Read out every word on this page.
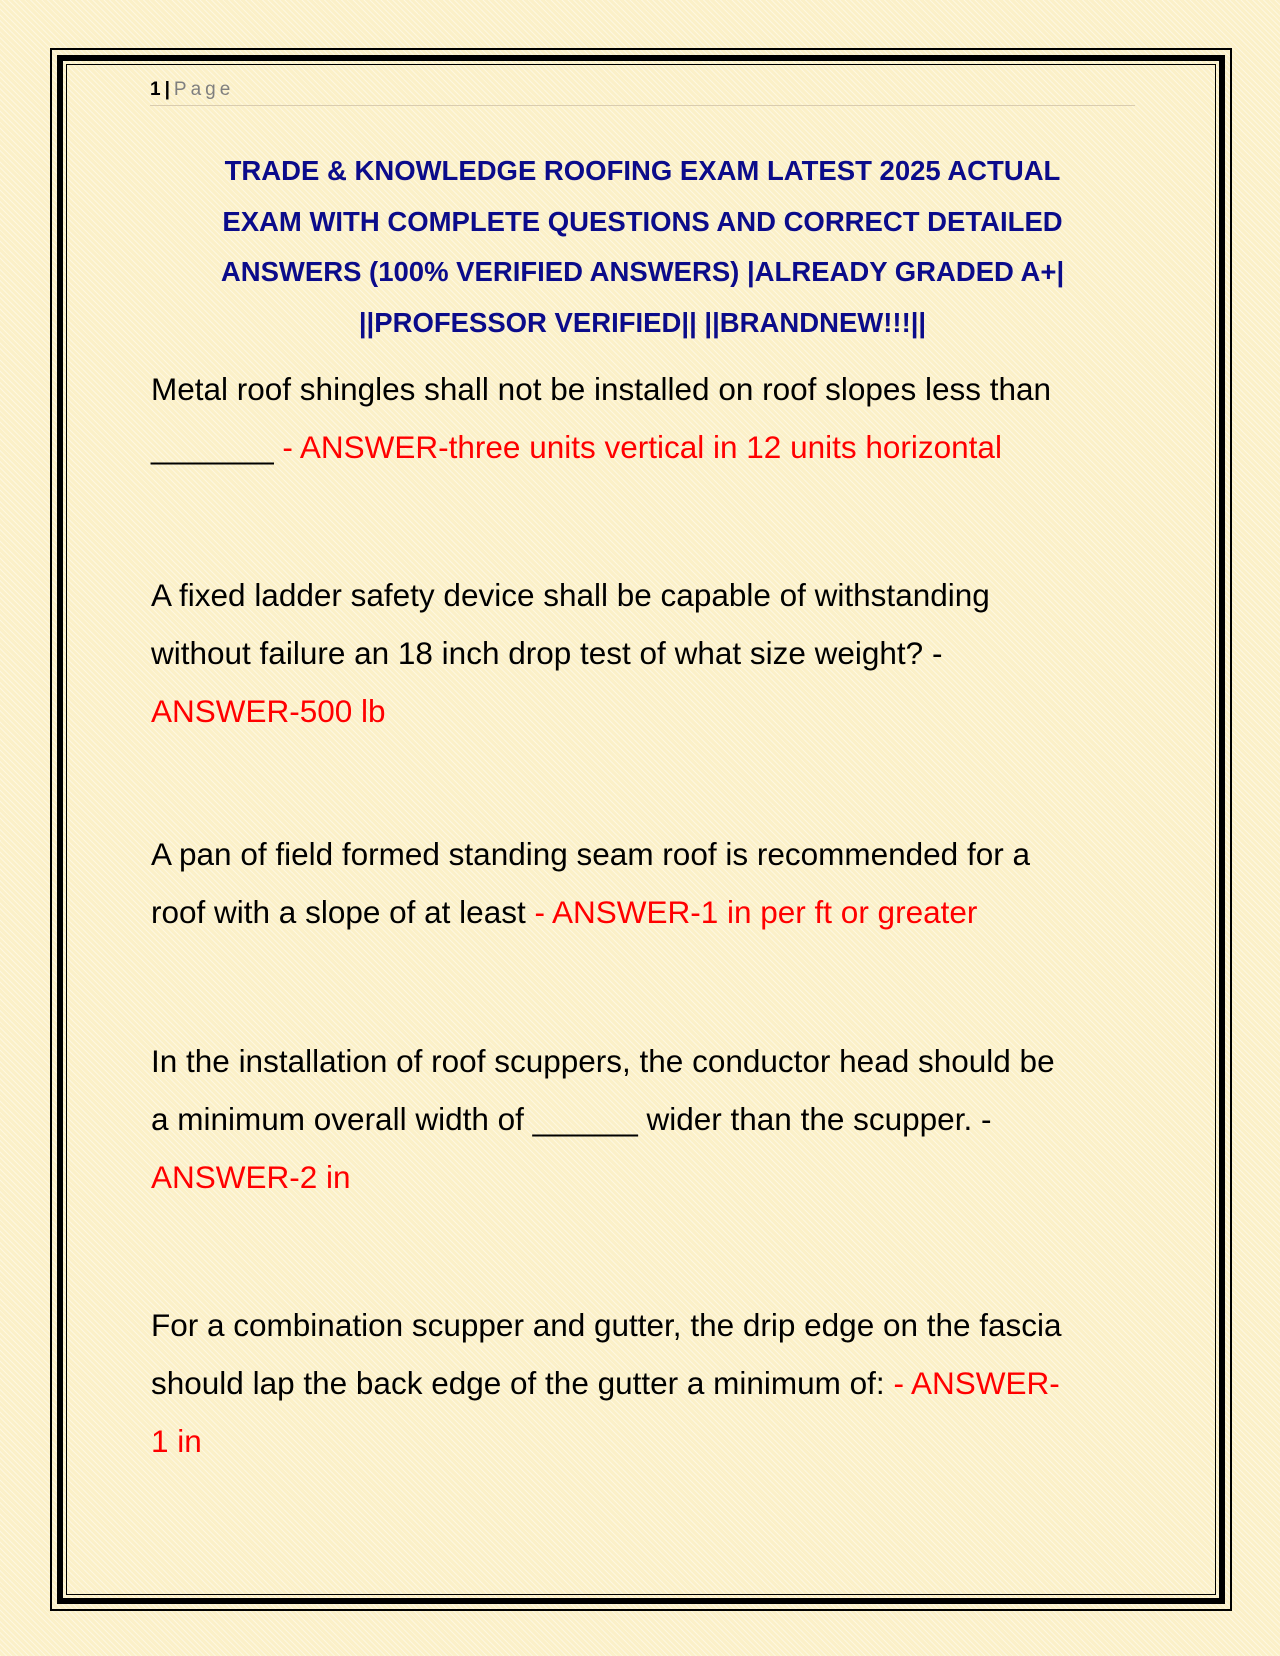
1 | Page
TRADE & KNOWLEDGE ROOFING EXAM LATEST 2025 ACTUAL
EXAM WITH COMPLETE QUESTIONS AND CORRECT DETAILED
ANSWERS (100% VERIFIED ANSWERS) |ALREADY GRADED A+|
||PROFESSOR VERIFIED|| ||BRANDNEW!!!||
Metal roof shingles shall not be installed on roof slopes less than
_______ - ANSWER-three units vertical in 12 units horizontal
A fixed ladder safety device shall be capable of withstanding
without failure an 18 inch drop test of what size weight? -
ANSWER-500 lb
A pan of field formed standing seam roof is recommended for a
roof with a slope of at least - ANSWER-1 in per ft or greater
In the installation of roof scuppers, the conductor head should be
a minimum overall width of ______ wider than the scupper. -
ANSWER-2 in
For a combination scupper and gutter, the drip edge on the fascia
should lap the back edge of the gutter a minimum of: - ANSWER-
1 in
